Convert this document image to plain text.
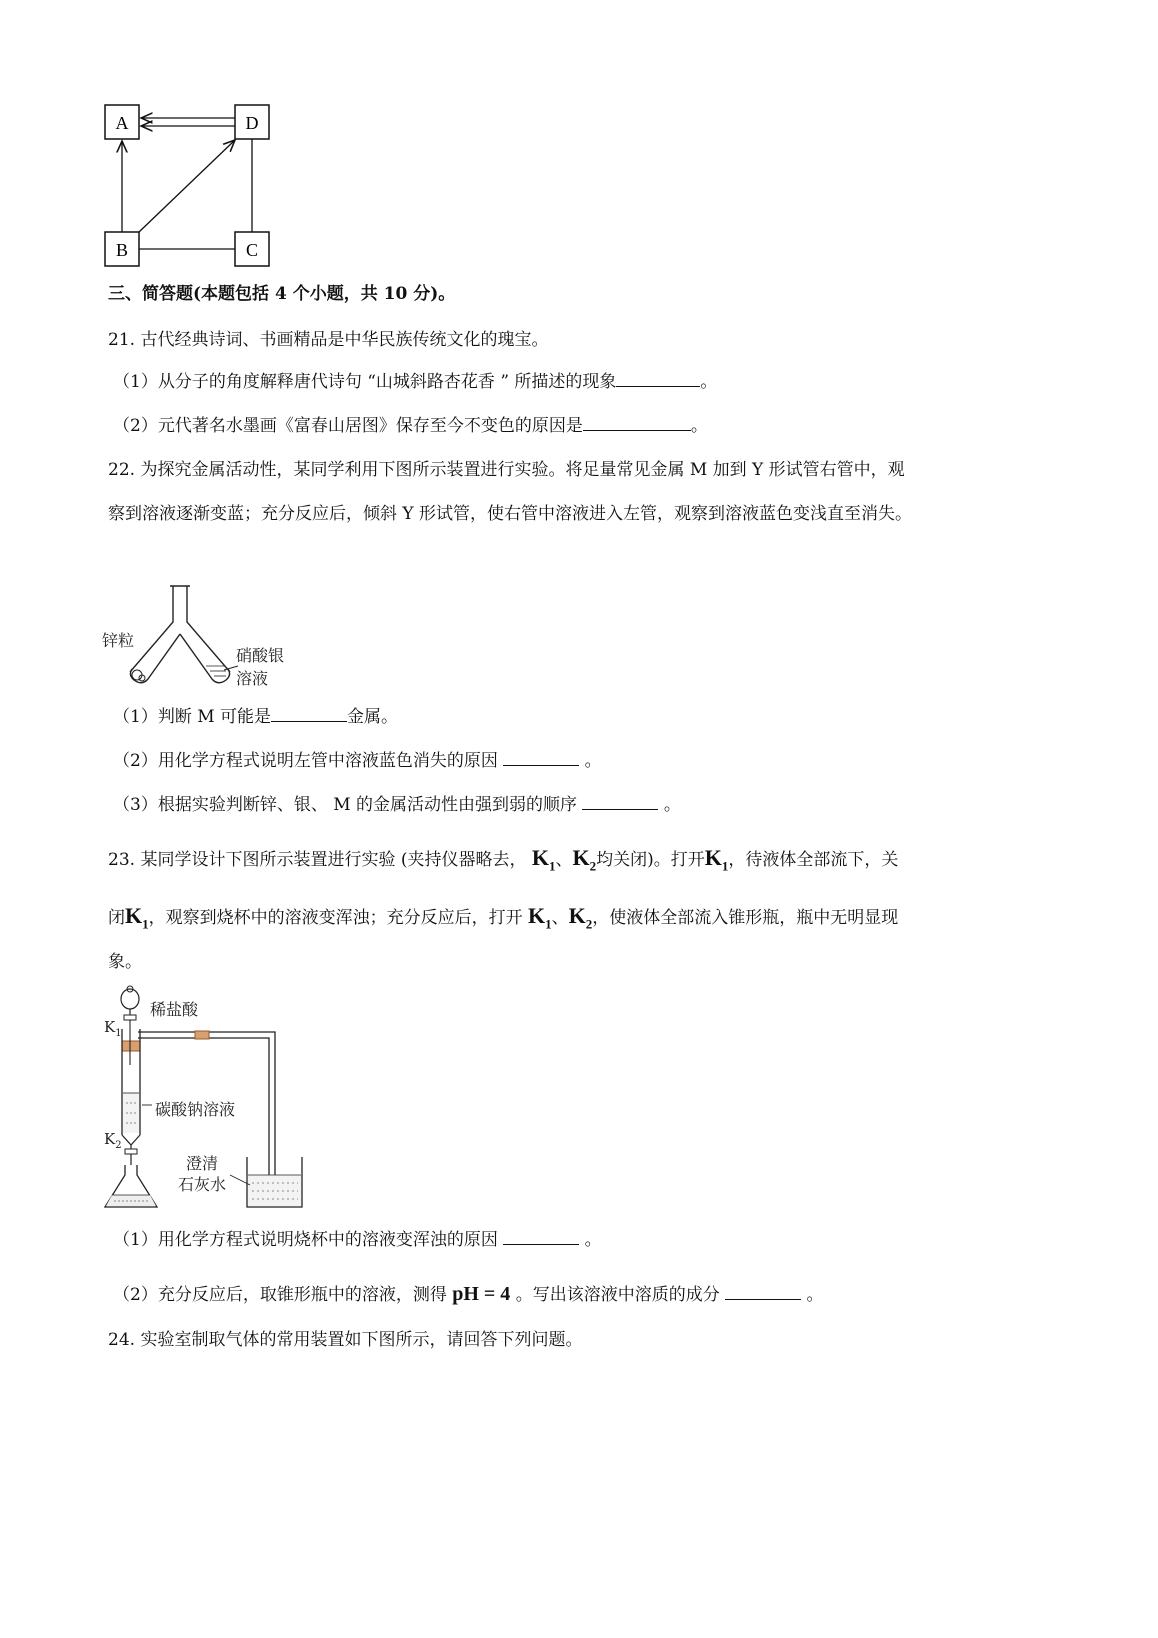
A	D
B	C
三、简答题(本题包括 4 个小题，共 10 分)。
21. 古代经典诗词、书画精品是中华民族传统文化的瑰宝。
（1）从分子的角度解释唐代诗句 “山城斜路杏花香 ” 所描述的现象	。
（2）元代著名水墨画《富春山居图》保存至今不变色的原因是	。
22. 为探究金属活动性，某同学利用下图所示装置进行实验。将足量常见金属 M 加到 Y 形试管右管中，观
察到溶液逐渐变蓝；充分反应后，倾斜 Y 形试管，使右管中溶液进入左管，观察到溶液蓝色变浅直至消失。
锌粒
硝酸银
溶液
（1）判断 M 可能是	金属。
（2）用化学方程式说明左管中溶液蓝色消失的原因	。
（3）根据实验判断锌、银、 M 的金属活动性由强到弱的顺序	。
23. 某同学设计下图所示装置进行实验 (夹持仪器略去， $K_1$、$K_2$均关闭)。打开$K_1$，待液体全部流下，关
闭$K_1$，观察到烧杯中的溶液变浑浊；充分反应后，打开 $K_1$、$K_2$，使液体全部流入锥形瓶，瓶中无明显现
象。
稀盐酸
$K_1$
碳酸钠溶液
$K_2$
澄清
石灰水
（1）用化学方程式说明烧杯中的溶液变浑浊的原因	。
（2）充分反应后，取锥形瓶中的溶液，测得 pH = 4 。写出该溶液中溶质的成分	。
24. 实验室制取气体的常用装置如下图所示，请回答下列问题。
